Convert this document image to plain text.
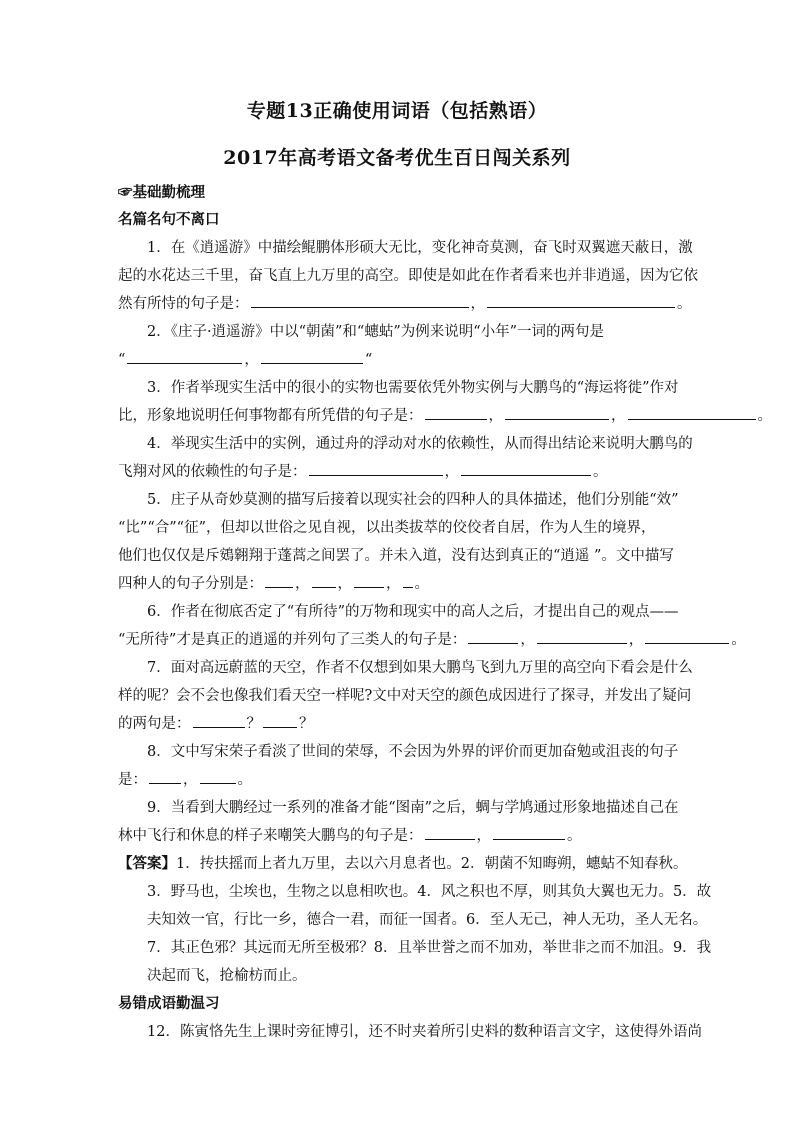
专题13正确使用词语（包括熟语）
2017年高考语文备考优生百日闯关系列
☞基础勤梳理
名篇名句不离口
1．在《逍遥游》中描绘鲲鹏体形硕大无比，变化神奇莫测，奋飞时双翼遮天蔽日，激
起的水花达三千里，奋飞直上九万里的高空。即使是如此在作者看来也并非逍遥，因为它依
然有所恃的句子是：	，	。
2．《庄子·逍遥游》中以“朝菌”和“蟪蛄”为例来说明“小年”一词的两句是
“	，	“
3．作者举现实生活中的很小的实物也需要依凭外物实例与大鹏鸟的“海运将徙”作对
比，形象地说明任何事物都有所凭借的句子是：	，	，	。
4．举现实生活中的实例，通过舟的浮动对水的依赖性，从而得出结论来说明大鹏鸟的
飞翔对风的依赖性的句子是：	，	。
5．庄子从奇妙莫测的描写后接着以现实社会的四种人的具体描述，他们分别能“效”
“比”“合”“征”，但却以世俗之见自视，以出类拔萃的佼佼者自居，作为人生的境界，
他们也仅仅是斥鴳翱翔于蓬蒿之间罢了。并未入道，没有达到真正的“逍遥 ”。文中描写
四种人的句子分别是： ， ， ， 。
6．作者在彻底否定了“有所待”的万物和现实中的高人之后，才提出自己的观点——
“无所待”才是真正的逍遥的并列句了三类人的句子是：	，	，	。
7．面对高远蔚蓝的天空，作者不仅想到如果大鹏鸟飞到九万里的高空向下看会是什么
样的呢？会不会也像我们看天空一样呢?文中对天空的颜色成因进行了探寻，并发出了疑问
的两句是：	？	？
8．文中写宋荣子看淡了世间的荣辱，不会因为外界的评价而更加奋勉或沮丧的句子
是： ，	。
9．当看到大鹏经过一系列的准备才能“图南”之后，蜩与学鸠通过形象地描述自己在
林中飞行和休息的样子来嘲笑大鹏鸟的句子是：	，	。
【答案】1．抟扶摇而上者九万里，去以六月息者也。2．朝菌不知晦朔，蟪蛄不知春秋。
3．野马也，尘埃也，生物之以息相吹也。4．风之积也不厚，则其负大翼也无力。5．故
夫知效一官，行比一乡，德合一君，而征一国者。6．至人无己，神人无功，圣人无名。
7．其正色邪？其远而无所至极邪？8．且举世誉之而不加劝，举世非之而不加沮。9．我
决起而飞，抢榆枋而止。
易错成语勤温习
12．陈寅恪先生上课时旁征博引，还不时夹着所引史料的数种语言文字，这使得外语尚
